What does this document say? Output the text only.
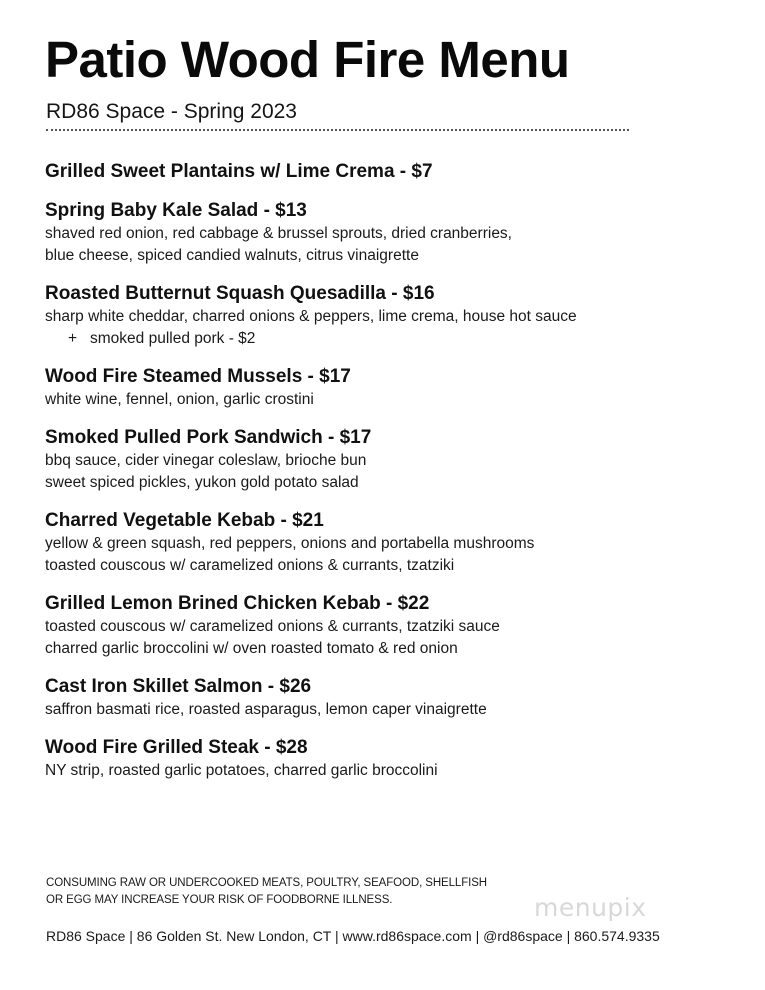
Patio Wood Fire Menu
RD86 Space - Spring 2023
Grilled Sweet Plantains w/ Lime Crema - $7
Spring Baby Kale Salad - $13
shaved red onion, red cabbage & brussel sprouts, dried cranberries,
blue cheese, spiced candied walnuts, citrus vinaigrette
Roasted Butternut Squash Quesadilla - $16
sharp white cheddar, charred onions & peppers, lime crema, house hot sauce
+ smoked pulled pork - $2
Wood Fire Steamed Mussels - $17
white wine, fennel, onion, garlic crostini
Smoked Pulled Pork Sandwich - $17
bbq sauce, cider vinegar coleslaw, brioche bun
sweet spiced pickles, yukon gold potato salad
Charred Vegetable Kebab - $21
yellow & green squash, red peppers, onions and portabella mushrooms
toasted couscous w/ caramelized onions & currants, tzatziki
Grilled Lemon Brined Chicken Kebab - $22
toasted couscous w/ caramelized onions & currants, tzatziki sauce
charred garlic broccolini w/ oven roasted tomato & red onion
Cast Iron Skillet Salmon - $26
saffron basmati rice, roasted asparagus, lemon caper vinaigrette
Wood Fire Grilled Steak - $28
NY strip, roasted garlic potatoes, charred garlic broccolini
CONSUMING RAW OR UNDERCOOKED MEATS, POULTRY, SEAFOOD, SHELLFISH
OR EGG MAY INCREASE YOUR RISK OF FOODBORNE ILLNESS.	menupix
RD86 Space | 86 Golden St. New London, CT | www.rd86space.com | @rd86space | 860.574.9335
